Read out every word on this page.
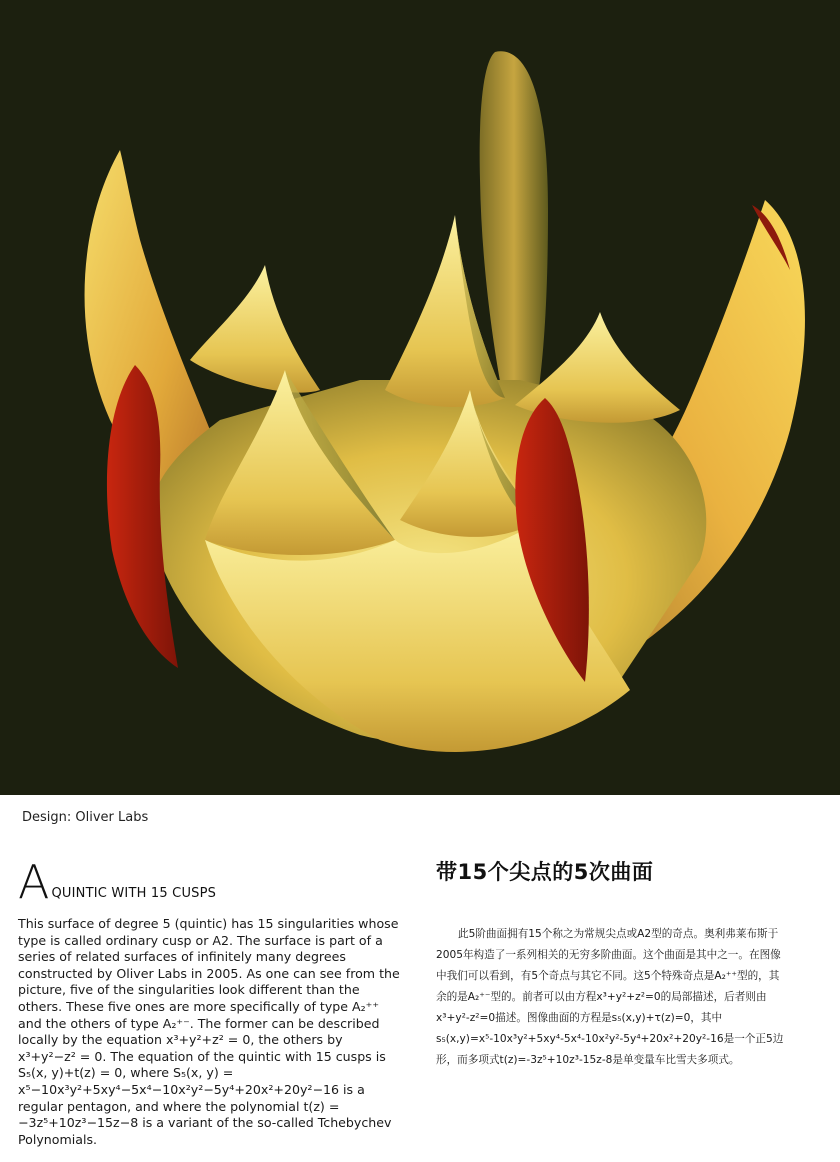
Design: Oliver Labs
A QUINTIC WITH 15 CUSPS

This surface of degree 5 (quintic) has 15 singularities whose type is called ordinary cusp or A2. The surface is part of a series of related surfaces of infinitely many degrees constructed by Oliver Labs in 2005. As one can see from the picture, five of the singularities look different than the others. These five ones are more specifically of type A₂⁺⁺ and the others of type A₂⁺⁻. The former can be described locally by the equation x³+y²+z² = 0, the others by x³+y²−z² = 0. The equation of the quintic with 15 cusps is S₅(x, y)+t(z) = 0, where S₅(x, y) = x⁵−10x³y²+5xy⁴−5x⁴−10x²y²−5y⁴+20x²+20y²−16 is a regular pentagon, and where the polynomial t(z) = −3z⁵+10z³−15z−8 is a variant of the so-called Tchebychev Polynomials.

带15个尖点的5次曲面

此5阶曲面拥有15个称之为常规尖点或A2型的奇点。奥利弗莱布斯于2005年构造了一系列相关的无穷多阶曲面。这个曲面是其中之一。在图像中我们可以看到，有5个奇点与其它不同。这5个特殊奇点是A₂⁺⁺型的，其余的是A₂⁺⁻型的。前者可以由方程x³+y²+z²=0的局部描述，后者则由x³+y²-z²=0描述。图像曲面的方程是s₅(x,y)+τ(z)=0，其中s₅(x,y)=x⁵-10x³y²+5xy⁴-5x⁴-10x²y²-5y⁴+20x²+20y²-16是一个正5边形，而多项式t(z)=-3z⁵+10z³-15z-8是单变量车比雪夫多项式。
